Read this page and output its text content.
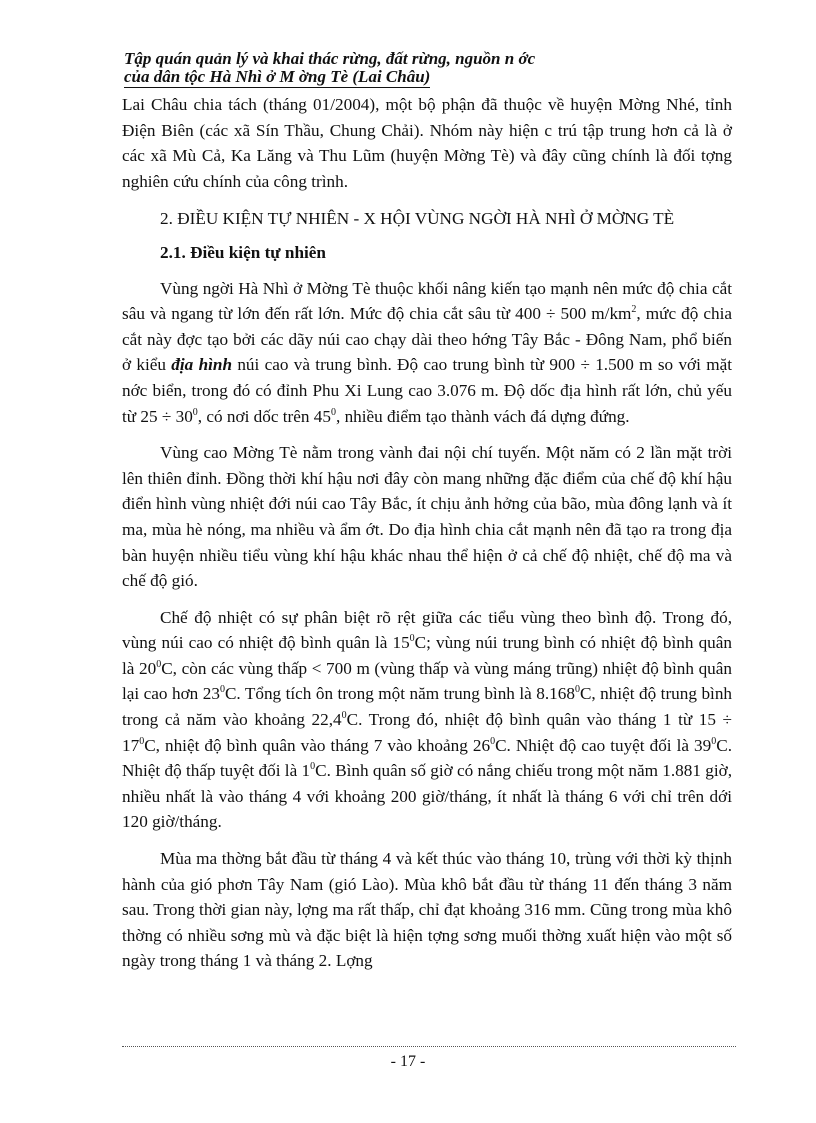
Tập quán quản lý và khai thác rừng, đất rừng, nguồn n ớc
của dân tộc Hà Nhì ở M ờng Tè (Lai Châu)

Lai Châu chia tách (tháng 01/2004), một bộ phận đã thuộc về huyện Mờng Nhé, tỉnh Điện Biên (các xã Sín Thầu, Chung Chải). Nhóm này hiện c trú tập trung hơn cả là ở các xã Mù Cả, Ka Lăng và Thu Lũm (huyện Mờng Tè) và đây cũng chính là đối tợng nghiên cứu chính của công trình.

2. ĐIỀU KIỆN TỰ NHIÊN - X HỘI VÙNG NGỜI HÀ NHÌ Ở MỜNG TÈ

2.1. Điều kiện tự nhiên

Vùng ngời Hà Nhì ở Mờng Tè thuộc khối nâng kiến tạo mạnh nên mức độ chia cắt sâu và ngang từ lớn đến rất lớn. Mức độ chia cắt sâu từ 400 ÷ 500 $m/km^2$, mức độ chia cắt này đợc tạo bởi các dãy núi cao chạy dài theo hớng Tây Bắc - Đông Nam, phổ biến ở kiểu địa hình núi cao và trung bình. Độ cao trung bình từ 900 ÷ 1.500 m so với mặt nớc biển, trong đó có đỉnh Phu Xi Lung cao 3.076 m. Độ dốc địa hình rất lớn, chủ yếu từ $25 \div 30^0$, có nơi dốc trên $45^0$, nhiều điểm tạo thành vách đá dựng đứng.

Vùng cao Mờng Tè nằm trong vành đai nội chí tuyến. Một năm có 2 lần mặt trời lên thiên đỉnh. Đồng thời khí hậu nơi đây còn mang những đặc điểm của chế độ khí hậu điển hình vùng nhiệt đới núi cao Tây Bắc, ít chịu ảnh hởng của bão, mùa đông lạnh và ít ma, mùa hè nóng, ma nhiều và ẩm ớt. Do địa hình chia cắt mạnh nên đã tạo ra trong địa bàn huyện nhiều tiểu vùng khí hậu khác nhau thể hiện ở cả chế độ nhiệt, chế độ ma và chế độ gió.

Chế độ nhiệt có sự phân biệt rõ rệt giữa các tiểu vùng theo bình độ. Trong đó, vùng núi cao có nhiệt độ bình quân là $15^0C$; vùng núi trung bình có nhiệt độ bình quân là $20^0C$, còn các vùng thấp < 700 m (vùng thấp và vùng máng trũng) nhiệt độ bình quân lại cao hơn $23^0C$. Tổng tích ôn trong một năm trung bình là 8.168$^0$C, nhiệt độ trung bình trong cả năm vào khoảng 22,4$^0$C. Trong đó, nhiệt độ bình quân vào tháng 1 từ $15 \div 17^0C$, nhiệt độ bình quân vào tháng 7 vào khoảng $26^0C$. Nhiệt độ cao tuyệt đối là $39^0C$. Nhiệt độ thấp tuyệt đối là $1^0C$. Bình quân số giờ có nắng chiếu trong một năm 1.881 giờ, nhiều nhất là vào tháng 4 với khoảng 200 giờ/tháng, ít nhất là tháng 6 với chỉ trên dới 120 giờ/tháng.

Mùa ma thờng bắt đầu từ tháng 4 và kết thúc vào tháng 10, trùng với thời kỳ thịnh hành của gió phơn Tây Nam (gió Lào). Mùa khô bắt đầu từ tháng 11 đến tháng 3 năm sau. Trong thời gian này, lợng ma rất thấp, chỉ đạt khoảng 316 mm. Cũng trong mùa khô thờng có nhiều sơng mù và đặc biệt là hiện tợng sơng muối thờng xuất hiện vào một số ngày trong tháng 1 và tháng 2. Lợng

- 17 -
